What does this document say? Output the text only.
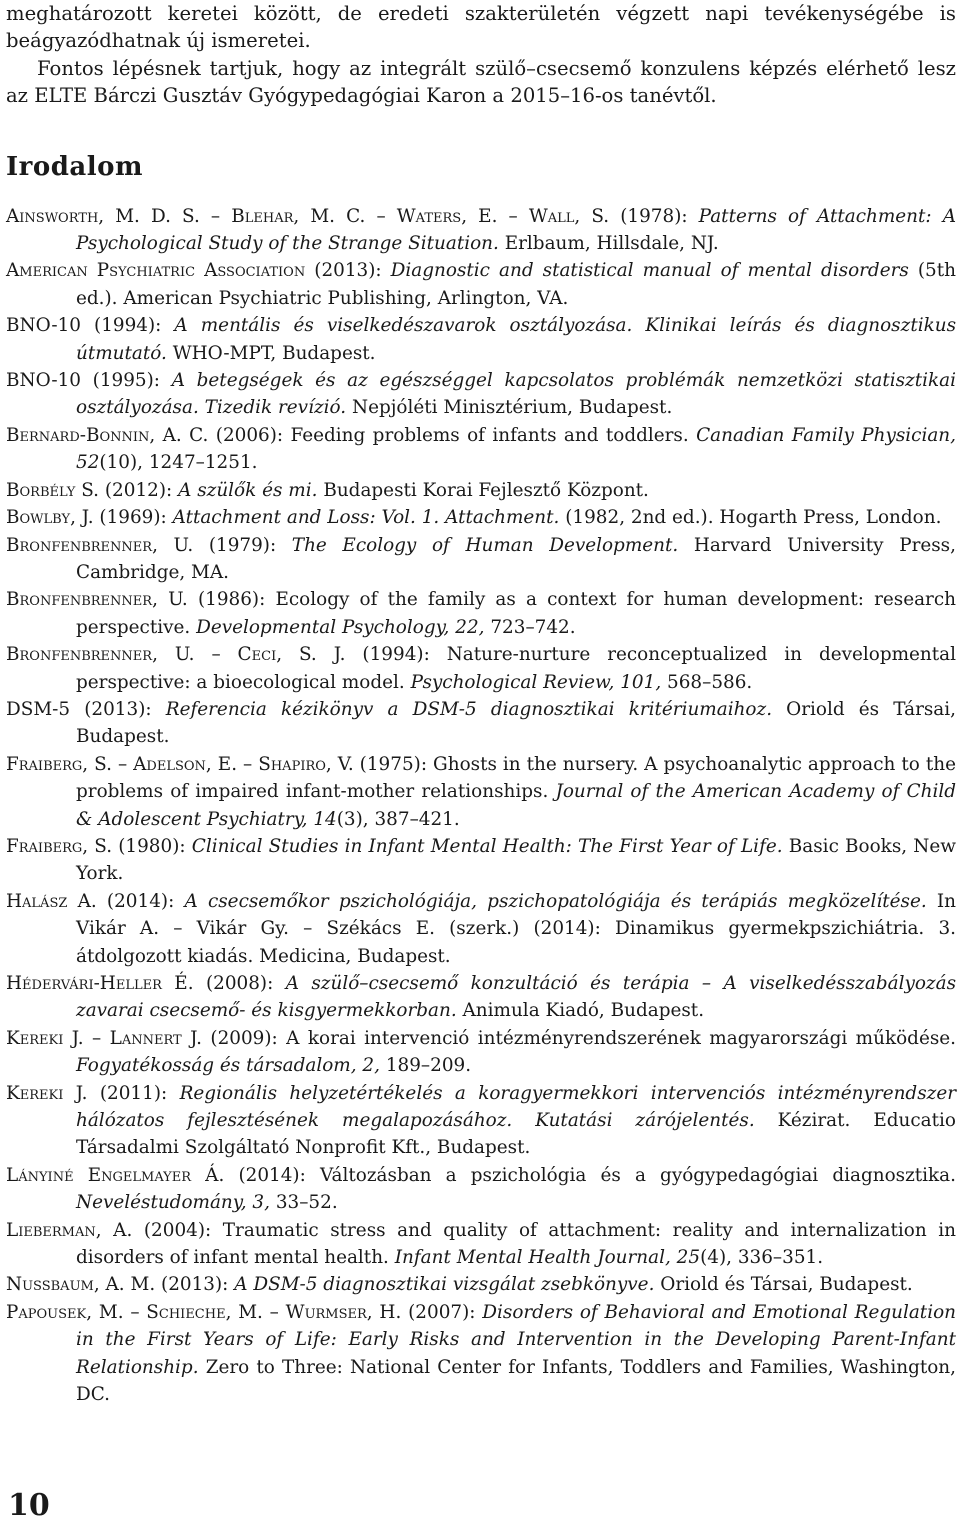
meghatározott keretei között, de eredeti szakterületén végzett napi tevékenységébe is beágyazódhatnak új ismeretei.

Fontos lépésnek tartjuk, hogy az integrált szülő–csecsemő konzulens képzés elérhető lesz az ELTE Bárczi Gusztáv Gyógypedagógiai Karon a 2015–16-os tanévtől.

Irodalom

Ainsworth, M. D. S. – Blehar, M. C. – Waters, E. – Wall, S. (1978): Patterns of Attachment: A Psychological Study of the Strange Situation. Erlbaum, Hillsdale, NJ.

American Psychiatric Association (2013): Diagnostic and statistical manual of mental disorders (5th ed.). American Psychiatric Publishing, Arlington, VA.

BNO-10 (1994): A mentális és viselkedészavarok osztályozása. Klinikai leírás és diagnosztikus útmutató. WHO-MPT, Budapest.

BNO-10 (1995): A betegségek és az egészséggel kapcsolatos problémák nemzetközi statisztikai osztályozása. Tizedik revízió. Nepjóléti Minisztérium, Budapest.

Bernard-Bonnin, A. C. (2006): Feeding problems of infants and toddlers. Canadian Family Physician, 52(10), 1247–1251.

Borbély S. (2012): A szülők és mi. Budapesti Korai Fejlesztő Központ.

Bowlby, J. (1969): Attachment and Loss: Vol. 1. Attachment. (1982, 2nd ed.). Hogarth Press, London.

Bronfenbrenner, U. (1979): The Ecology of Human Development. Harvard University Press, Cambridge, MA.

Bronfenbrenner, U. (1986): Ecology of the family as a context for human development: research perspective. Developmental Psychology, 22, 723–742.

Bronfenbrenner, U. – Ceci, S. J. (1994): Nature-nurture reconceptualized in developmental perspective: a bioecological model. Psychological Review, 101, 568–586.

DSM-5 (2013): Referencia kézikönyv a DSM-5 diagnosztikai kritériumaihoz. Oriold és Társai, Budapest.

Fraiberg, S. – Adelson, E. – Shapiro, V. (1975): Ghosts in the nursery. A psychoanalytic approach to the problems of impaired infant-mother relationships. Journal of the American Academy of Child & Adolescent Psychiatry, 14(3), 387–421.

Fraiberg, S. (1980): Clinical Studies in Infant Mental Health: The First Year of Life. Basic Books, New York.

Halász A. (2014): A csecsemőkor pszichológiája, pszichopatológiája és terápiás megközelítése. In Vikár A. – Vikár Gy. – Székács E. (szerk.) (2014): Dinamikus gyermekpszichiátria. 3. átdolgozott kiadás. Medicina, Budapest.

Hédervári-Heller É. (2008): A szülő–csecsemő konzultáció és terápia – A viselkedésszabályozás zavarai csecsemő- és kisgyermekkorban. Animula Kiadó, Budapest.

Kereki J. – Lannert J. (2009): A korai intervenció intézményrendszerének magyarországi működése. Fogyatékosság és társadalom, 2, 189–209.

Kereki J. (2011): Regionális helyzetértékelés a koragyermekkori intervenciós intézményrendszer hálózatos fejlesztésének megalapozásához. Kutatási zárójelentés. Kézirat. Educatio Társadalmi Szolgáltató Nonprofit Kft., Budapest.

Lányiné Engelmayer Á. (2014): Változásban a pszichológia és a gyógypedagógiai diagnosztika. Neveléstudomány, 3, 33–52.

Lieberman, A. (2004): Traumatic stress and quality of attachment: reality and internalization in disorders of infant mental health. Infant Mental Health Journal, 25(4), 336–351.

Nussbaum, A. M. (2013): A DSM-5 diagnosztikai vizsgálat zsebkönyve. Oriold és Társai, Budapest.

Papousek, M. – Schieche, M. – Wurmser, H. (2007): Disorders of Behavioral and Emotional Regulation in the First Years of Life: Early Risks and Intervention in the Developing Parent-Infant Relationship. Zero to Three: National Center for Infants, Toddlers and Families, Washington, DC.

10
